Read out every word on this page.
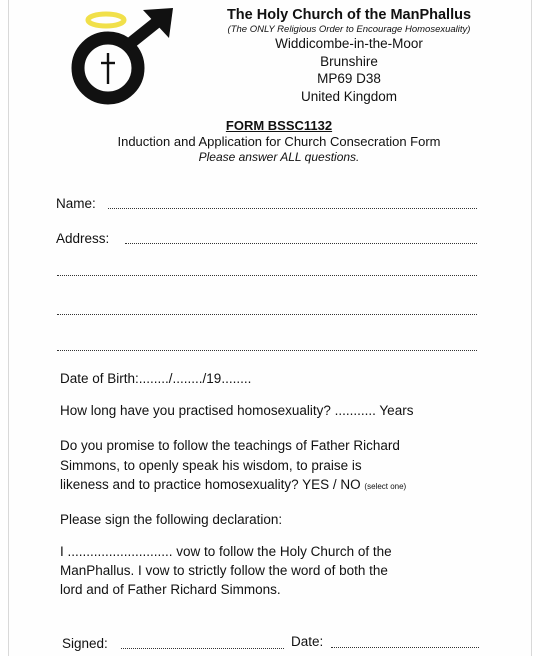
The Holy Church of the ManPhallus
(The ONLY Religious Order to Encourage Homosexuality)
Widdicombe-in-the-Moor
Brunshire
MP69 D38
United Kingdom
FORM BSSC1132
Induction and Application for Church Consecration Form
Please answer ALL questions.
Name:
Address:
Date of Birth:......../......../19........
How long have you practised homosexuality? ........... Years
Do you promise to follow the teachings of Father Richard
Simmons, to openly speak his wisdom, to praise is
likeness and to practice homosexuality? YES / NO (select one)
Please sign the following declaration:
I ............................ vow to follow the Holy Church of the
ManPhallus. I vow to strictly follow the word of both the
lord and of Father Richard Simmons.
Signed:	Date:
